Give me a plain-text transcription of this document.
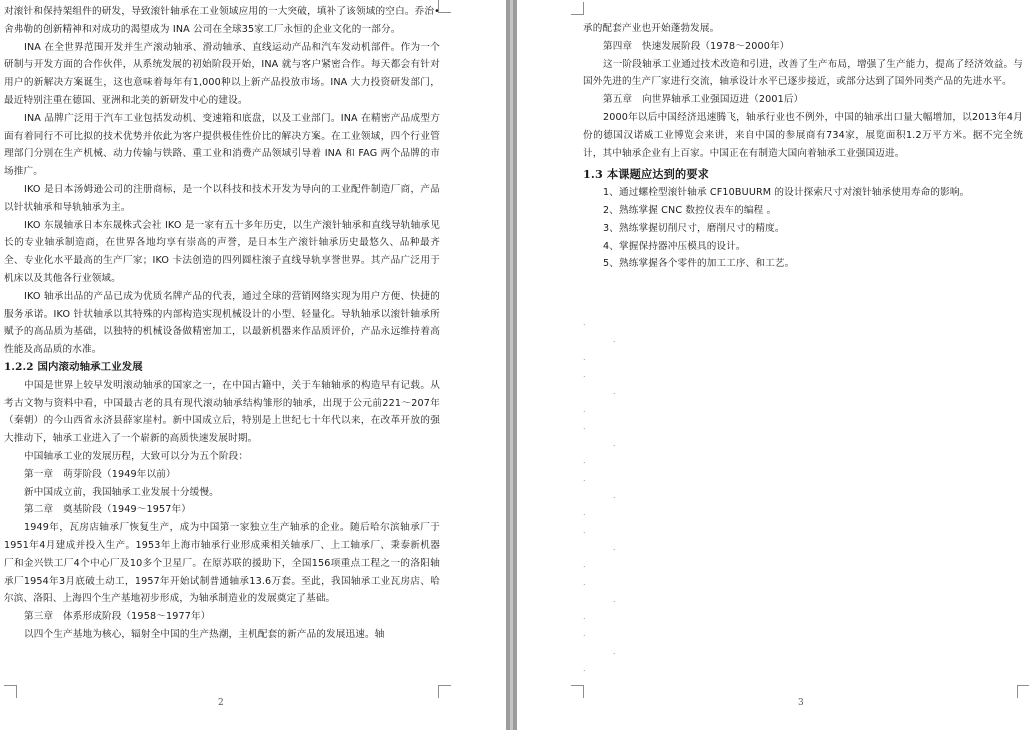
对滚针和保持架组件的研发，导致滚针轴承在工业领域应用的一大突破，填补了该领域的空白。乔治•舍弗勒的创新精神和对成功的渴望成为 INA 公司在全球35家工厂永恒的企业文化的一部分。

INA 在全世界范围开发并生产滚动轴承、滑动轴承、直线运动产品和汽车发动机部件。作为一个研制与开发方面的合作伙伴，从系统发展的初始阶段开始，INA 就与客户紧密合作。每天都会有针对用户的新解决方案诞生，这也意味着每年有1,000种以上新产品投放市场。INA 大力投资研发部门，最近特别注重在德国、亚洲和北美的新研发中心的建设。

INA 品牌广泛用于汽车工业包括发动机、变速箱和底盘，以及工业部门。INA 在精密产品成型方面有着同行不可比拟的技术优势并依此为客户提供极佳性价比的解决方案。在工业领域，四个行业管理部门分别在生产机械、动力传输与铁路、重工业和消费产品领域引导着 INA 和 FAG 两个品牌的市场推广。

IKO 是日本汤姆逊公司的注册商标，是一个以科技和技术开发为导向的工业配件制造厂商，产品以针状轴承和导轨轴承为主。

IKO 东晟轴承日本东晟株式会社 IKO 是一家有五十多年历史，以生产滚针轴承和直线导轨轴承见长的专业轴承制造商，在世界各地均享有崇高的声誉，是日本生产滚针轴承历史最悠久、品种最齐全、专业化水平最高的生产厂家；IKO 卡法创造的四列圆柱滚子直线导轨享誉世界。其产品广泛用于机床以及其他各行业领域。

IKO 轴承出品的产品已成为优质名牌产品的代表，通过全球的营销网络实现为用户方便、快捷的服务承诺。IKO 针状轴承以其特殊的内部构造实现机械设计的小型、轻量化。导轨轴承以滚针轴承所赋予的高品质为基础，以独特的机械设备做精密加工，以最新机器来作品质评价，产品永远维持着高性能及高品质的水准。

1.2.2 国内滚动轴承工业发展

中国是世界上较早发明滚动轴承的国家之一，在中国古籍中，关于车轴轴承的构造早有记载。从考古文物与资料中看，中国最古老的具有现代滚动轴承结构雏形的轴承，出现于公元前221～207年（秦朝）的今山西省永济县薛家崖村。新中国成立后，特别是上世纪七十年代以来，在改革开放的强大推动下，轴承工业进入了一个崭新的高质快速发展时期。

中国轴承工业的发展历程，大致可以分为五个阶段：

第一章　萌芽阶段（1949年以前）

新中国成立前，我国轴承工业发展十分缓慢。

第二章　奠基阶段（1949～1957年）

1949年，瓦房店轴承厂恢复生产，成为中国第一家独立生产轴承的企业。随后哈尔滨轴承厂于1951年4月建成并投入生产。1953年上海市轴承行业形成乘相关轴承厂、上工轴承厂、秉泰新机器厂和金兴铁工厂4个中心厂及10多个卫星厂。在原苏联的援助下，全国156项重点工程之一的洛阳轴承厂1954年3月底破土动工，1957年开始试制普通轴承13.6万套。至此，我国轴承工业瓦房店、哈尔滨、洛阳、上海四个生产基地初步形成，为轴承制造业的发展奠定了基础。

第三章　体系形成阶段（1958～1977年）

以四个生产基地为核心，辐射全中国的生产热潮，主机配套的新产品的发展迅速。轴

2

承的配套产业也开始蓬勃发展。

第四章　快速发展阶段（1978～2000年）

这一阶段轴承工业通过技术改造和引进，改善了生产布局，增强了生产能力，提高了经济效益。与国外先进的生产厂家进行交流，轴承设计水平已逐步接近，或部分达到了国外同类产品的先进水平。

第五章　向世界轴承工业强国迈进（2001后）

2000年以后中国经济迅速腾飞，轴承行业也不例外，中国的轴承出口量大幅增加，以2013年4月份的德国汉诺威工业博览会来讲，来自中国的参展商有734家，展览面积1.2万平方米。据不完全统计，其中轴承企业有上百家。中国正在有制造大国向着轴承工业强国迈进。

1.3 本课题应达到的要求

1、通过螺栓型滚针轴承 CF10BUURM 的设计探索尺寸对滚针轴承使用寿命的影响。

2、熟练掌握 CNC 数控仪表车的编程 。

3、熟练掌握切削尺寸，磨削尺寸的精度。

4、掌握保持器冲压模具的设计。

5、熟练掌握各个零件的加工工序、和工艺。

.
.
.
.
.
.
.
.
.
.
.
.
.
.
.
.
.
.
.
.
.
3
